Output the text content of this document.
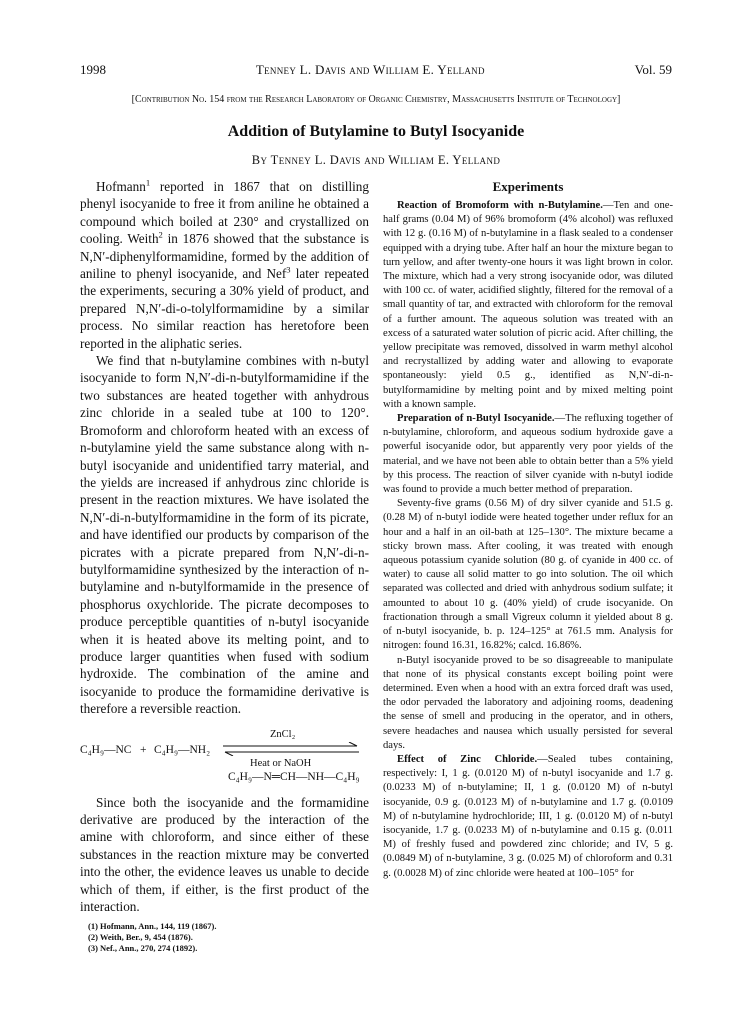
1998	Tenney L. Davis and William E. Yelland	Vol. 59
[Contribution No. 154 from the Research Laboratory of Organic Chemistry, Massachusetts Institute of Technology]
Addition of Butylamine to Butyl Isocyanide
By Tenney L. Davis and William E. Yelland

Hofmann$^1$ reported in 1867 that on distilling phenyl isocyanide to free it from aniline he obtained a compound which boiled at 230° and crystallized on cooling. Weith$^2$ in 1876 showed that the substance is N,N′-diphenylformamidine, formed by the addition of aniline to phenyl isocyanide, and Nef$^3$ later repeated the experiments, securing a 30% yield of product, and prepared N,N′-di-o-tolylformamidine by a similar process. No similar reaction has heretofore been reported in the aliphatic series.

We find that n-butylamine combines with n-butyl isocyanide to form N,N′-di-n-butylformamidine if the two substances are heated together with anhydrous zinc chloride in a sealed tube at 100 to 120°. Bromoform and chloroform heated with an excess of n-butylamine yield the same substance along with n-butyl isocyanide and unidentified tarry material, and the yields are increased if anhydrous zinc chloride is present in the reaction mixtures. We have isolated the N,N′-di-n-butylformamidine in the form of its picrate, and have identified our products by comparison of the picrates with a picrate prepared from N,N′-di-n-butylformamidine synthesized by the interaction of n-butylamine and n-butylformamide in the presence of phosphorus oxychloride. The picrate decomposes to produce perceptible quantities of n-butyl isocyanide when it is heated above its melting point, and to produce larger quantities when fused with sodium hydroxide. The combination of the amine and isocyanide to produce the formamidine derivative is therefore a reversible reaction.

C₄H₉—NC + C₄H₉—NH₂
ZnCl₂
Heat or NaOH
C₄H₉—N═CH—NH—C₄H₉

Since both the isocyanide and the formamidine derivative are produced by the interaction of the amine with chloroform, and since either of these substances in the reaction mixture may be converted into the other, the evidence leaves us unable to decide which of them, if either, is the first product of the interaction.

(1) Hofmann, Ann., 144, 119 (1867).
(2) Weith, Ber., 9, 454 (1876).
(3) Nef., Ann., 270, 274 (1892).
Experiments

Reaction of Bromoform with n-Butylamine.—Ten and one-half grams (0.04 M) of 96% bromoform (4% alcohol) was refluxed with 12 g. (0.16 M) of n-butylamine in a flask sealed to a condenser equipped with a drying tube. After half an hour the mixture began to turn yellow, and after twenty-one hours it was light brown in color. The mixture, which had a very strong isocyanide odor, was diluted with 100 cc. of water, acidified slightly, filtered for the removal of a small quantity of tar, and extracted with chloroform for the removal of a further amount. The aqueous solution was treated with an excess of a saturated water solution of picric acid. After chilling, the yellow precipitate was removed, dissolved in warm methyl alcohol and recrystallized by adding water and allowing to evaporate spontaneously: yield 0.5 g., identified as N,N′-di-n-butylformamidine by melting point and by mixed melting point with a known sample.

Preparation of n-Butyl Isocyanide.—The refluxing together of n-butylamine, chloroform, and aqueous sodium hydroxide gave a powerful isocyanide odor, but apparently very poor yields of the material, and we have not been able to obtain better than a 5% yield by this process. The reaction of silver cyanide with n-butyl iodide was found to provide a much better method of preparation.

Seventy-five grams (0.56 M) of dry silver cyanide and 51.5 g. (0.28 M) of n-butyl iodide were heated together under reflux for an hour and a half in an oil-bath at 125–130°. The mixture became a sticky brown mass. After cooling, it was treated with enough aqueous potassium cyanide solution (80 g. of cyanide in 400 cc. of water) to cause all solid matter to go into solution. The oil which separated was collected and dried with anhydrous sodium sulfate; it amounted to about 10 g. (40% yield) of crude isocyanide. On fractionation through a small Vigreux column it yielded about 8 g. of n-butyl isocyanide, b. p. 124–125° at 761.5 mm. Analysis for nitrogen: found 16.31, 16.82%; calcd. 16.86%.

n-Butyl isocyanide proved to be so disagreeable to manipulate that none of its physical constants except boiling point were determined. Even when a hood with an extra forced draft was used, the odor pervaded the laboratory and adjoining rooms, deadening the sense of smell and producing in the operator, and in others, severe headaches and nausea which usually persisted for several days.

Effect of Zinc Chloride.—Sealed tubes containing, respectively: I, 1 g. (0.0120 M) of n-butyl isocyanide and 1.7 g. (0.0233 M) of n-butylamine; II, 1 g. (0.0120 M) of n-butyl isocyanide, 0.9 g. (0.0123 M) of n-butylamine and 1.7 g. (0.0109 M) of n-butylamine hydrochloride; III, 1 g. (0.0120 M) of n-butyl isocyanide, 1.7 g. (0.0233 M) of n-butylamine and 0.15 g. (0.011 M) of freshly fused and powdered zinc chloride; and IV, 5 g. (0.0849 M) of n-butylamine, 3 g. (0.025 M) of chloroform and 0.31 g. (0.0028 M) of zinc chloride were heated at 100–105° for
